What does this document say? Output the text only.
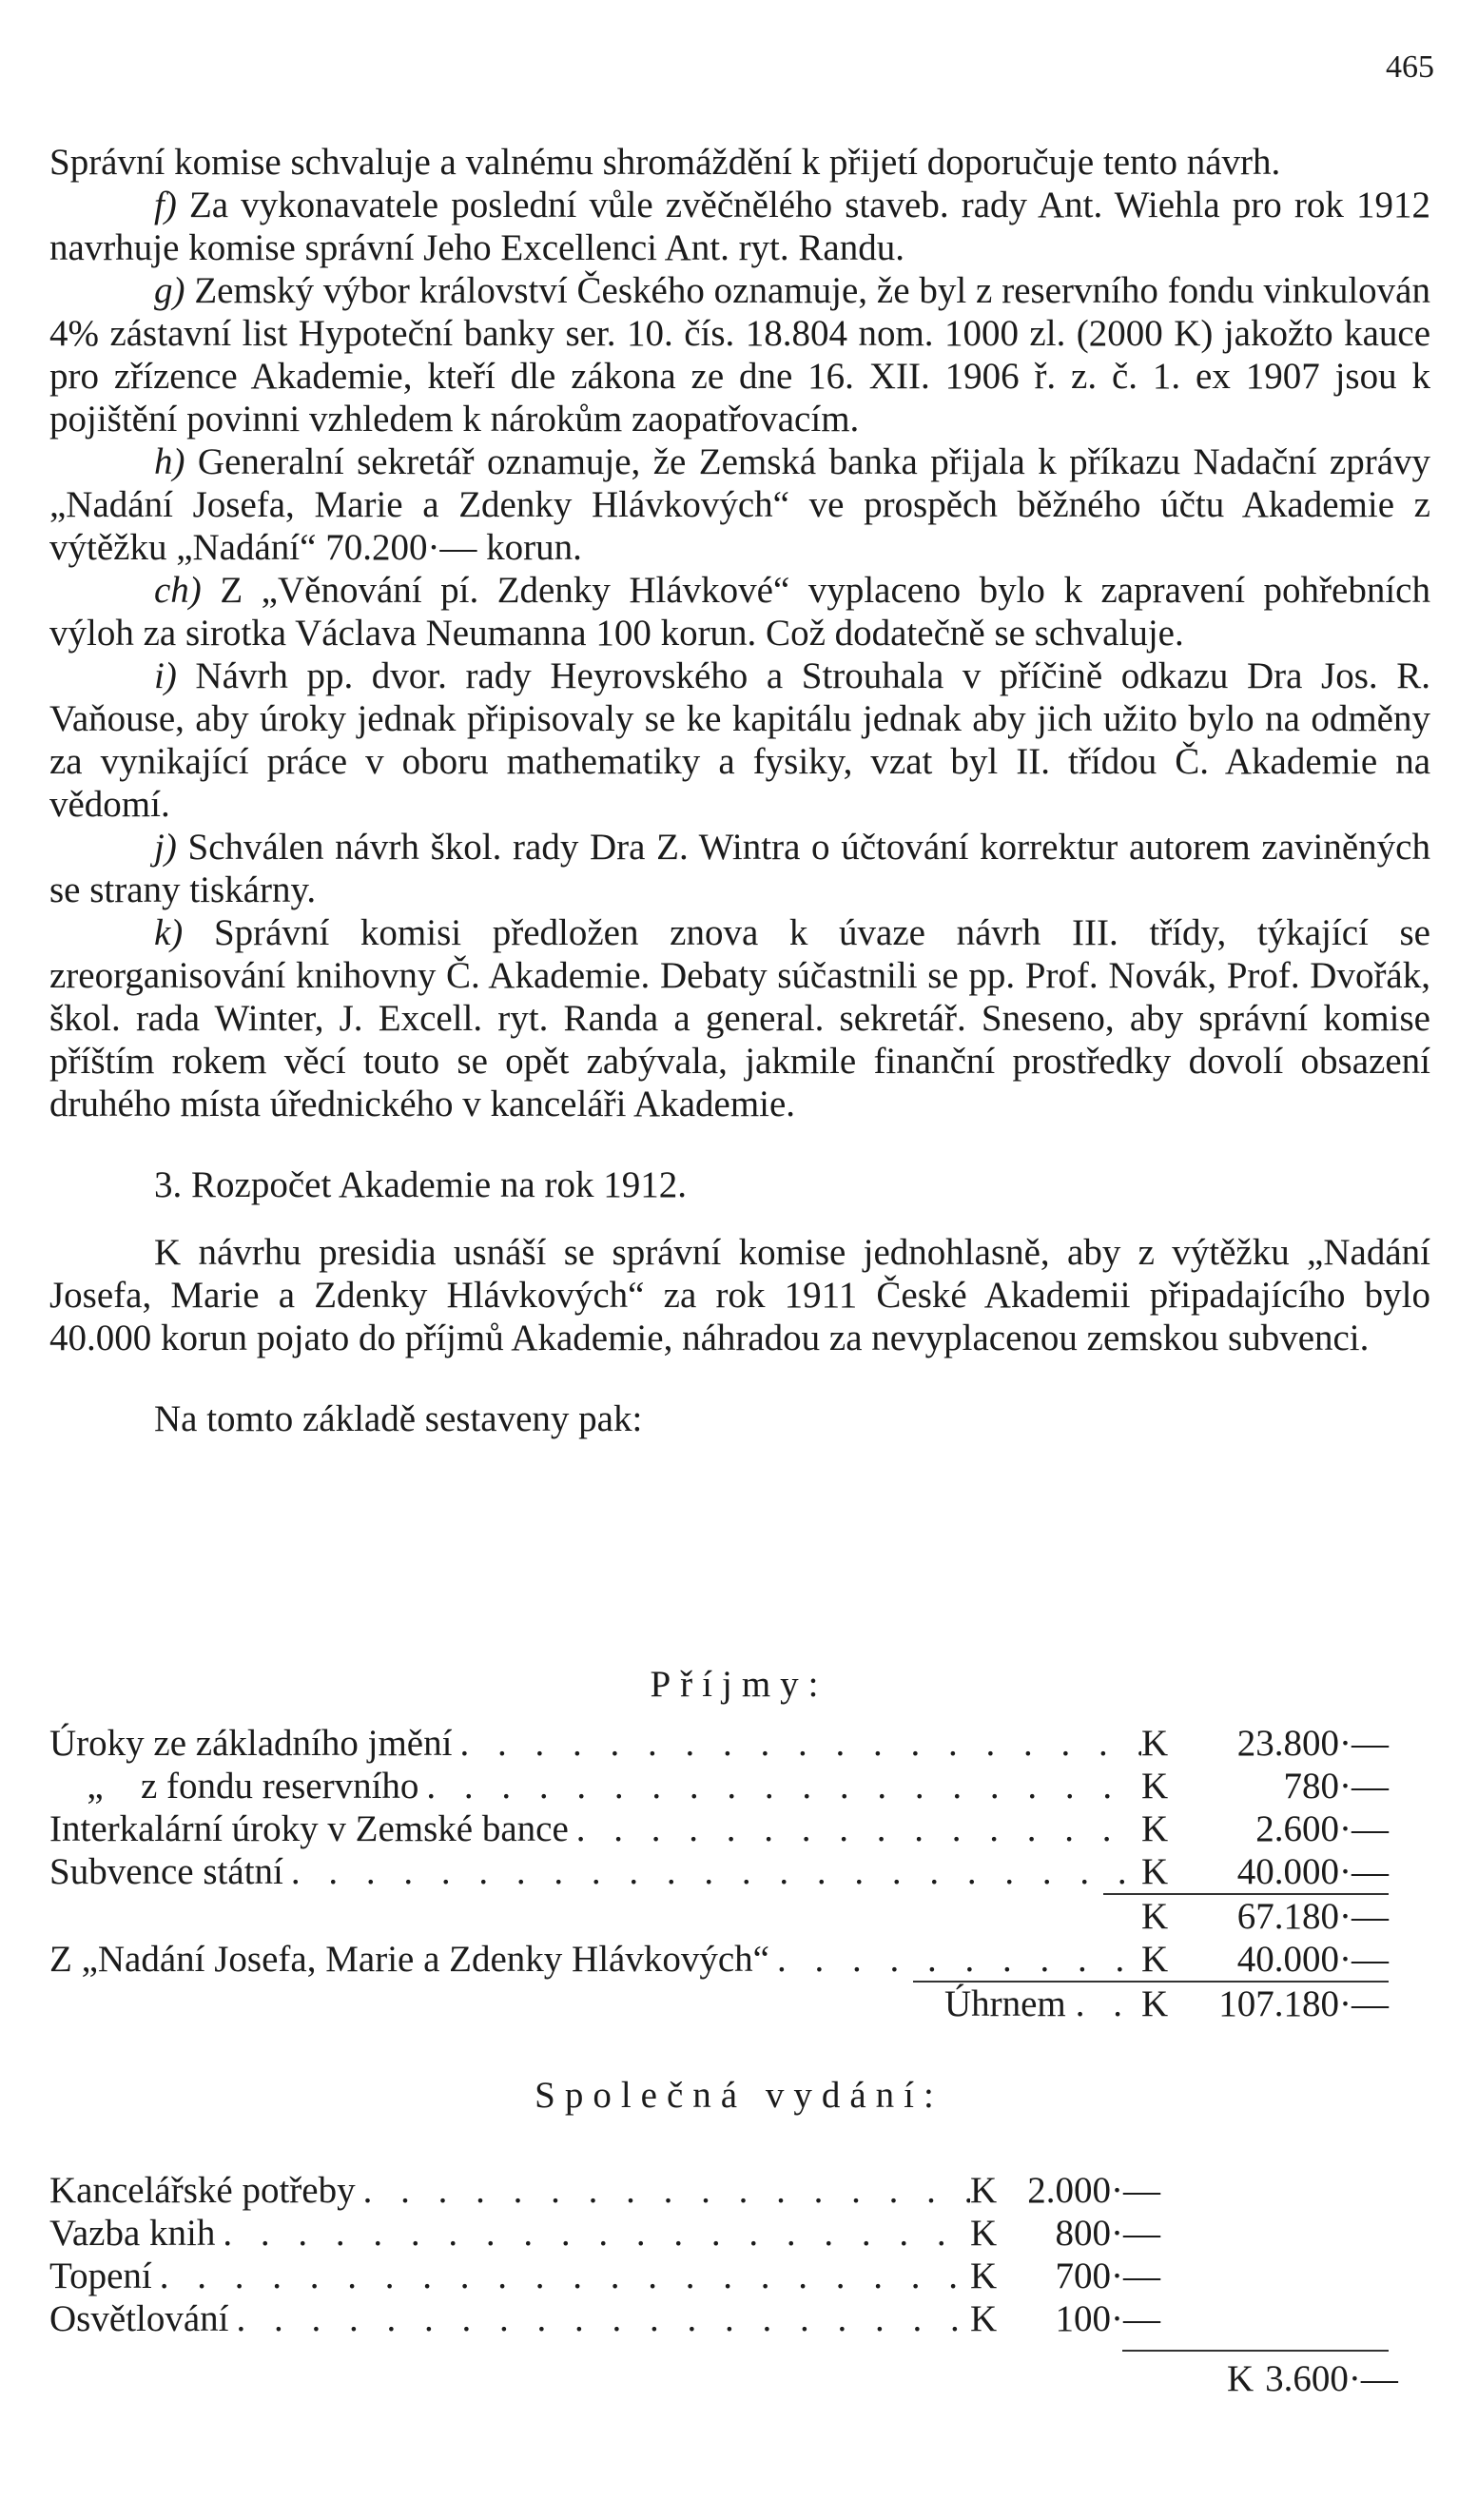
465

Správní komise schvaluje a valnému shromáždění k přijetí doporučuje tento návrh.

f) Za vykonavatele poslední vůle zvěčnělého staveb. rady Ant. Wiehla pro rok 1912 navrhuje komise správní Jeho Excellenci Ant. ryt. Randu.

g) Zemský výbor království Českého oznamuje, že byl z reservního fondu vinkulován 4% zástavní list Hypoteční banky ser. 10. čís. 18.804 nom. 1000 zl. (2000 K) jakožto kauce pro zřízence Akademie, kteří dle zákona ze dne 16. XII. 1906 ř. z. č. 1. ex 1907 jsou k pojištění povinni vzhledem k nárokům zaopatřovacím.

h) Generalní sekretář oznamuje, že Zemská banka přijala k příkazu Nadační zprávy „Nadání Josefa, Marie a Zdenky Hlávkových“ ve prospěch běžného účtu Akademie z výtěžku „Nadání“ 70.200·— korun.

ch) Z „Věnování pí. Zdenky Hlávkové“ vyplaceno bylo k zapravení pohřebních výloh za sirotka Václava Neumanna 100 korun. Což dodatečně se schvaluje.

i) Návrh pp. dvor. rady Heyrovského a Strouhala v příčině odkazu Dra Jos. R. Vaňouse, aby úroky jednak připisovaly se ke kapitálu jednak aby jich užito bylo na odměny za vynikající práce v oboru mathematiky a fysiky, vzat byl II. třídou Č. Akademie na vědomí.

j) Schválen návrh škol. rady Dra Z. Wintra o účtování korrektur autorem zaviněných se strany tiskárny.

k) Správní komisi předložen znova k úvaze návrh III. třídy, týkající se zreorganisování knihovny Č. Akademie. Debaty súčastnili se pp. Prof. Novák, Prof. Dvořák, škol. rada Winter, J. Excell. ryt. Randa a general. sekretář. Sneseno, aby správní komise příštím rokem věcí touto se opět zabývala, jakmile finanční prostředky dovolí obsazení druhého místa úřednického v kanceláři Akademie.

3. Rozpočet Akademie na rok 1912.

K návrhu presidia usnáší se správní komise jednohlasně, aby z výtěžku „Nadání Josefa, Marie a Zdenky Hlávkových“ za rok 1911 České Akademii připadajícího bylo 40.000 korun pojato do příjmů Akademie, náhradou za nevyplacenou zemskou subvenci.

Na tomto základě sestaveny pak:

Příjmy:
Úroky ze základního jmění . . .	K	23.800·—
„ z fondu reservního . . .	K	780·—
Interkalární úroky v Zemské bance . . .	K	2.600·—
Subvence státní . . .	K	40.000·—
K	67.180·—
Z „Nadání Josefa, Marie a Zdenky Hlávkových“ . . .	K	40.000·—
Úhrnem . . K	107.180·—
Společná vydání:
Kancelářské potřeby . . .	K 2.000·—
Vazba knih . . .	K	800·—
Topení . . .	K	700·—
Osvětlování . . .	K	100·—
K 3.600·—
